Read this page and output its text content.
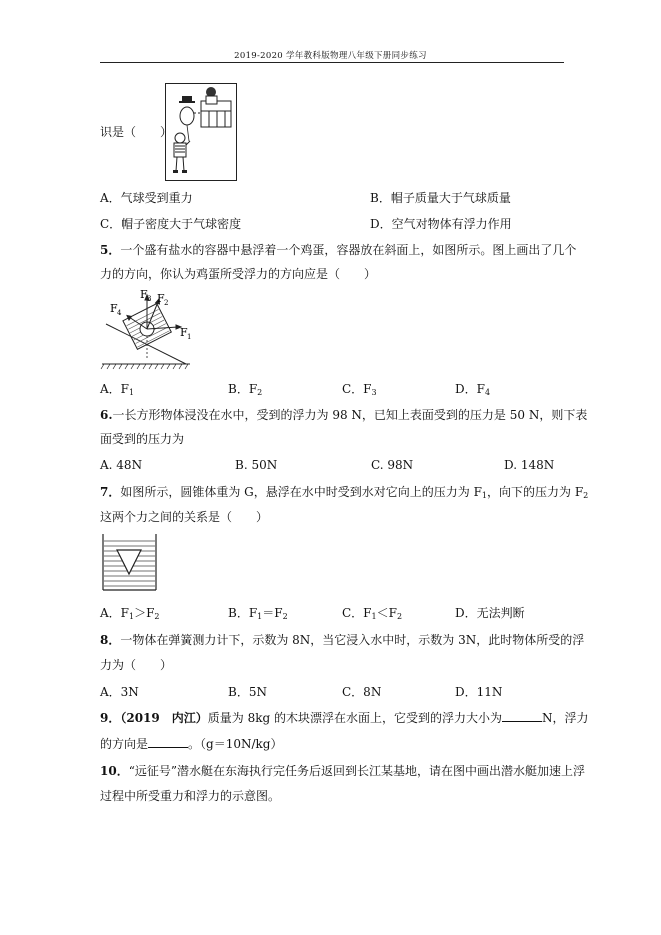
2019-2020 学年教科版物理八年级下册同步练习
识是（　　）
A．气球受到重力	B．帽子质量大于气球质量
C．帽子密度大于气球密度	D．空气对物体有浮力作用
5．一个盛有盐水的容器中悬浮着一个鸡蛋，容器放在斜面上，如图所示。图上画出了几个
力的方向，你认为鸡蛋所受浮力的方向应是（　　）
F 4
F 3 F 2
F 1
A．$F_1$	B．$F_2$	C．$F_3$	D．$F_4$
6.一长方形物体浸没在水中，受到的浮力为 98 N，已知上表面受到的压力是 50 N，则下表
面受到的压力为
A. 48N	B. 50N	C. 98N	D. 148N
7．如图所示，圆锥体重为 G，悬浮在水中时受到水对它向上的压力为 $F_1$，向下的压力为 $F_2$
这两个力之间的关系是（　　）
A．$F_1>F_2$	B．$F_1=F_2$	C．$F_1<F_2$	D．无法判断
8．一物体在弹簧测力计下，示数为 8N，当它浸入水中时，示数为 3N，此时物体所受的浮
力为（　　）
A．3N	B．5N	C．8N	D．11N
9．（2019　内江）质量为 8kg 的木块漂浮在水面上，它受到的浮力大小为	N，浮力
的方向是	。（g＝10N/kg）
10．“远征号”潜水艇在东海执行完任务后返回到长江某基地，请在图中画出潜水艇加速上浮
过程中所受重力和浮力的示意图。
